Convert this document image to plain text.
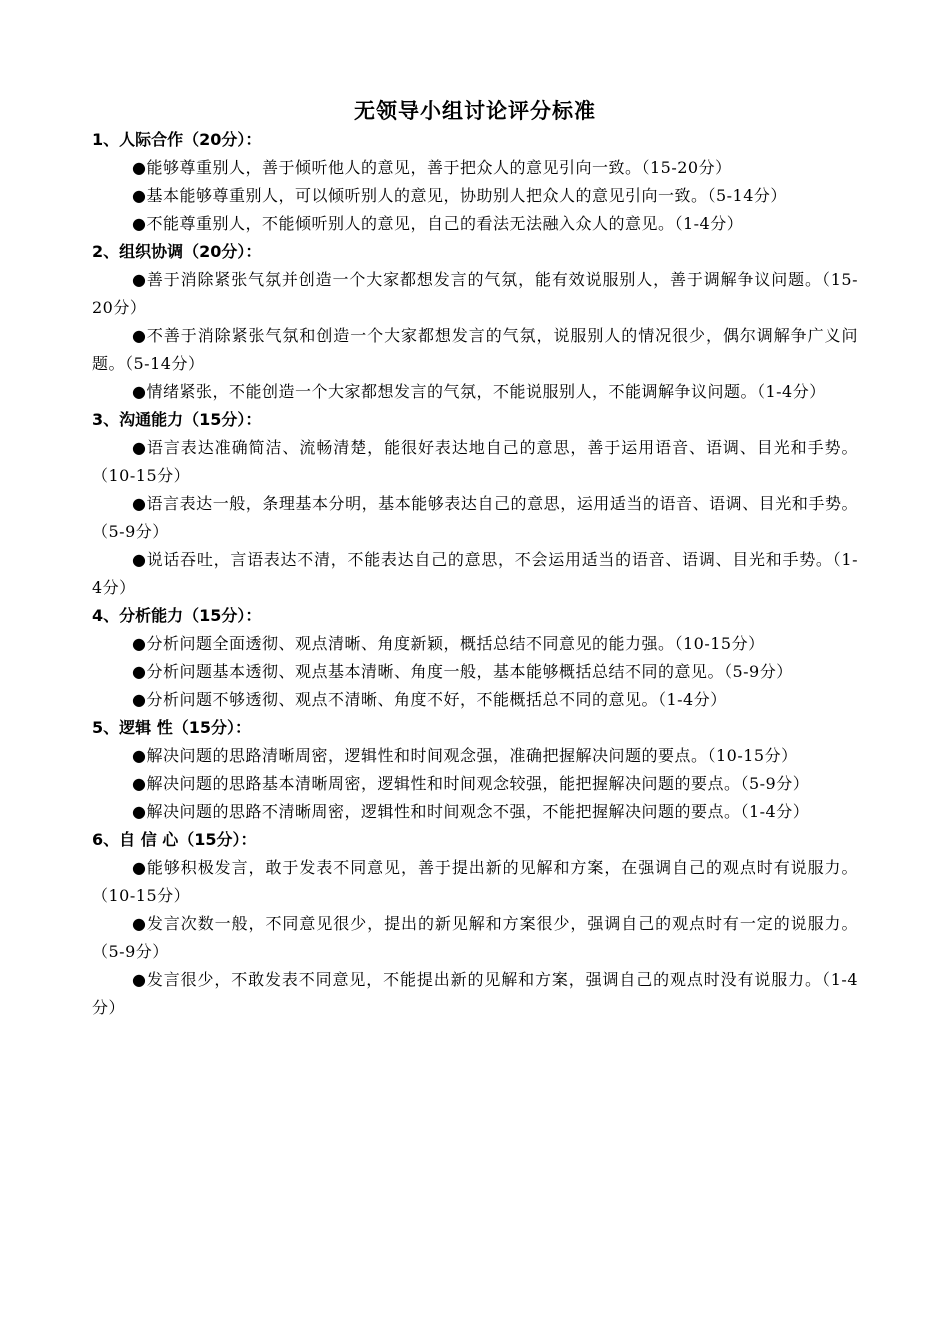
无领导小组讨论评分标准
1、人际合作（20分）：
●能够尊重别人，善于倾听他人的意见，善于把众人的意见引向一致。（15-20分）
●基本能够尊重别人，可以倾听别人的意见，协助别人把众人的意见引向一致。（5-14分）
●不能尊重别人，不能倾听别人的意见，自己的看法无法融入众人的意见。（1-4分）
2、组织协调（20分）：
●善于消除紧张气氛并创造一个大家都想发言的气氛，能有效说服别人，善于调解争议问题。（15-20分）
●不善于消除紧张气氛和创造一个大家都想发言的气氛，说服别人的情况很少，偶尔调解争广义问题。（5-14分）
●情绪紧张，不能创造一个大家都想发言的气氛，不能说服别人，不能调解争议问题。（1-4分）
3、沟通能力（15分）：
●语言表达准确简洁、流畅清楚，能很好表达地自己的意思，善于运用语音、语调、目光和手势。（10-15分）
●语言表达一般，条理基本分明，基本能够表达自己的意思，运用适当的语音、语调、目光和手势。（5-9分）
●说话吞吐，言语表达不清，不能表达自己的意思，不会运用适当的语音、语调、目光和手势。（1-4分）
4、分析能力（15分）：
●分析问题全面透彻、观点清晰、角度新颖，概括总结不同意见的能力强。（10-15分）
●分析问题基本透彻、观点基本清晰、角度一般，基本能够概括总结不同的意见。（5-9分）
●分析问题不够透彻、观点不清晰、角度不好，不能概括总不同的意见。（1-4分）
5、逻辑 性（15分）：
●解决问题的思路清晰周密，逻辑性和时间观念强，准确把握解决问题的要点。（10-15分）
●解决问题的思路基本清晰周密，逻辑性和时间观念较强，能把握解决问题的要点。（5-9分）
●解决问题的思路不清晰周密，逻辑性和时间观念不强，不能把握解决问题的要点。（1-4分）
6、自 信 心（15分）：
●能够积极发言，敢于发表不同意见，善于提出新的见解和方案，在强调自己的观点时有说服力。（10-15分）
●发言次数一般，不同意见很少，提出的新见解和方案很少，强调自己的观点时有一定的说服力。（5-9分）
●发言很少，不敢发表不同意见，不能提出新的见解和方案，强调自己的观点时没有说服力。（1-4分）
